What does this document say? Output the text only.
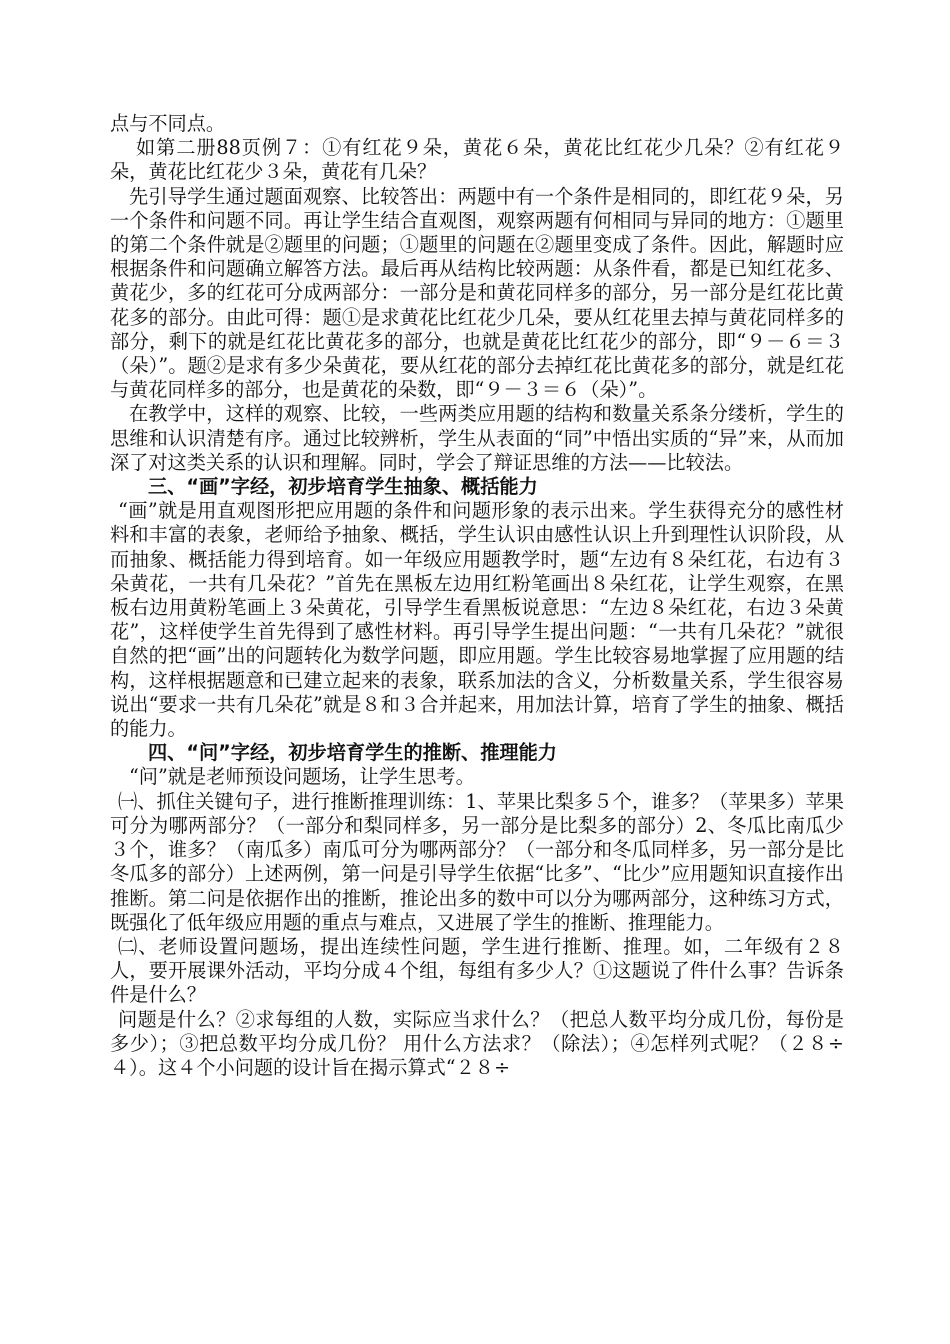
点与不同点。

如第二册88页例７：①有红花９朵，黄花６朵，黄花比红花少几朵？②有红花９朵，黄花比红花少３朵，黄花有几朵？

先引导学生通过题面观察、比较答出：两题中有一个条件是相同的，即红花９朵，另一个条件和问题不同。再让学生结合直观图，观察两题有何相同与异同的地方：①题里的第二个条件就是②题里的问题；①题里的问题在②题里变成了条件。因此，解题时应根据条件和问题确立解答方法。最后再从结构比较两题：从条件看，都是已知红花多、黄花少，多的红花可分成两部分：一部分是和黄花同样多的部分，另一部分是红花比黄花多的部分。由此可得：题①是求黄花比红花少几朵，要从红花里去掉与黄花同样多的部分，剩下的就是红花比黄花多的部分，也就是黄花比红花少的部分，即“９－６＝３（朵）”。题②是求有多少朵黄花，要从红花的部分去掉红花比黄花多的部分，就是红花与黄花同样多的部分，也是黄花的朵数，即“９－３＝６（朵）”。

在教学中，这样的观察、比较，一些两类应用题的结构和数量关系条分缕析，学生的思维和认识清楚有序。通过比较辨析，学生从表面的“同”中悟出实质的“异”来，从而加深了对这类关系的认识和理解。同时，学会了辩证思维的方法——比较法。

三、“画”字经，初步培育学生抽象、概括能力

“画”就是用直观图形把应用题的条件和问题形象的表示出来。学生获得充分的感性材料和丰富的表象，老师给予抽象、概括，学生认识由感性认识上升到理性认识阶段，从而抽象、概括能力得到培育。如一年级应用题教学时，题“左边有８朵红花，右边有３朵黄花，一共有几朵花？”首先在黑板左边用红粉笔画出８朵红花，让学生观察，在黑板右边用黄粉笔画上３朵黄花，引导学生看黑板说意思：“左边８朵红花，右边３朵黄花”，这样使学生首先得到了感性材料。再引导学生提出问题：“一共有几朵花？”就很自然的把“画”出的问题转化为数学问题，即应用题。学生比较容易地掌握了应用题的结构，这样根据题意和已建立起来的表象，联系加法的含义，分析数量关系，学生很容易说出“要求一共有几朵花”就是８和３合并起来，用加法计算，培育了学生的抽象、概括的能力。

四、“问”字经，初步培育学生的推断、推理能力

“问”就是老师预设问题场，让学生思考。

㈠、抓住关键句子，进行推断推理训练：1、苹果比梨多５个，谁多？（苹果多）苹果可分为哪两部分？（一部分和梨同样多，另一部分是比梨多的部分）2、冬瓜比南瓜少３个，谁多？（南瓜多）南瓜可分为哪两部分？（一部分和冬瓜同样多，另一部分是比冬瓜多的部分）上述两例，第一问是引导学生依据“比多”、“比少”应用题知识直接作出推断。第二问是依据作出的推断，推论出多的数中可以分为哪两部分，这种练习方式，既强化了低年级应用题的重点与难点，又进展了学生的推断、推理能力。

㈡、老师设置问题场，提出连续性问题，学生进行推断、推理。如，二年级有２８人，要开展课外活动，平均分成４个组，每组有多少人？①这题说了件什么事？告诉条件是什么？

问题是什么？②求每组的人数，实际应当求什么？（把总人数平均分成几份，每份是多少）；③把总数平均分成几份？ 用什么方法求？（除法）；④怎样列式呢？（２８÷４）。这４个小问题的设计旨在揭示算式“２８÷
